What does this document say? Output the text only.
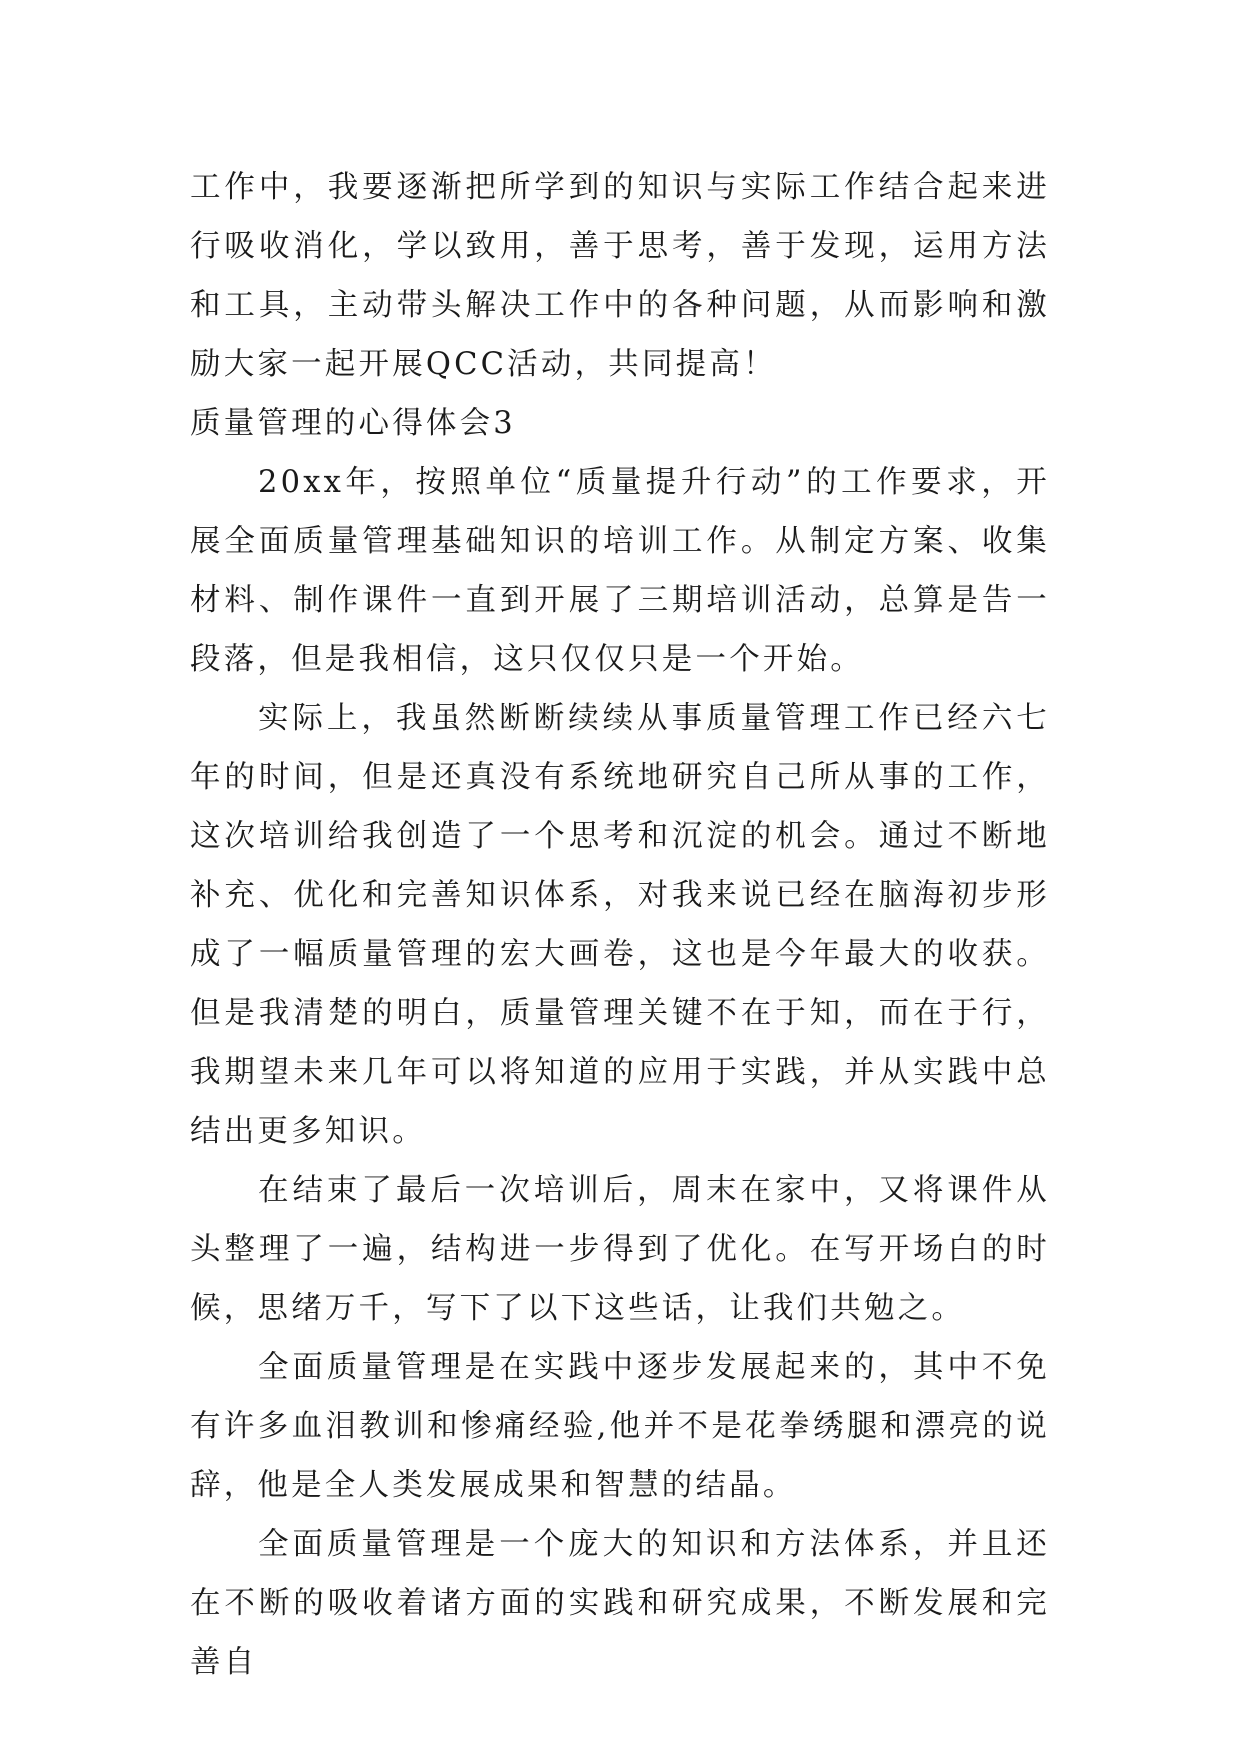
工作中，我要逐渐把所学到的知识与实际工作结合起来进行吸收消化，学以致用，善于思考，善于发现，运用方法和工具，主动带头解决工作中的各种问题，从而影响和激励大家一起开展QCC活动，共同提高！

质量管理的心得体会3

20xx年，按照单位“质量提升行动”的工作要求，开展全面质量管理基础知识的培训工作。从制定方案、收集材料、制作课件一直到开展了三期培训活动，总算是告一段落，但是我相信，这只仅仅只是一个开始。

实际上，我虽然断断续续从事质量管理工作已经六七年的时间，但是还真没有系统地研究自己所从事的工作，这次培训给我创造了一个思考和沉淀的机会。通过不断地补充、优化和完善知识体系，对我来说已经在脑海初步形成了一幅质量管理的宏大画卷，这也是今年最大的收获。但是我清楚的明白，质量管理关键不在于知，而在于行，我期望未来几年可以将知道的应用于实践，并从实践中总结出更多知识。

在结束了最后一次培训后，周末在家中，又将课件从头整理了一遍，结构进一步得到了优化。在写开场白的时候，思绪万千，写下了以下这些话，让我们共勉之。

全面质量管理是在实践中逐步发展起来的，其中不免有许多血泪教训和惨痛经验,他并不是花拳绣腿和漂亮的说辞，他是全人类发展成果和智慧的结晶。

全面质量管理是一个庞大的知识和方法体系，并且还在不断的吸收着诸方面的实践和研究成果，不断发展和完善自
